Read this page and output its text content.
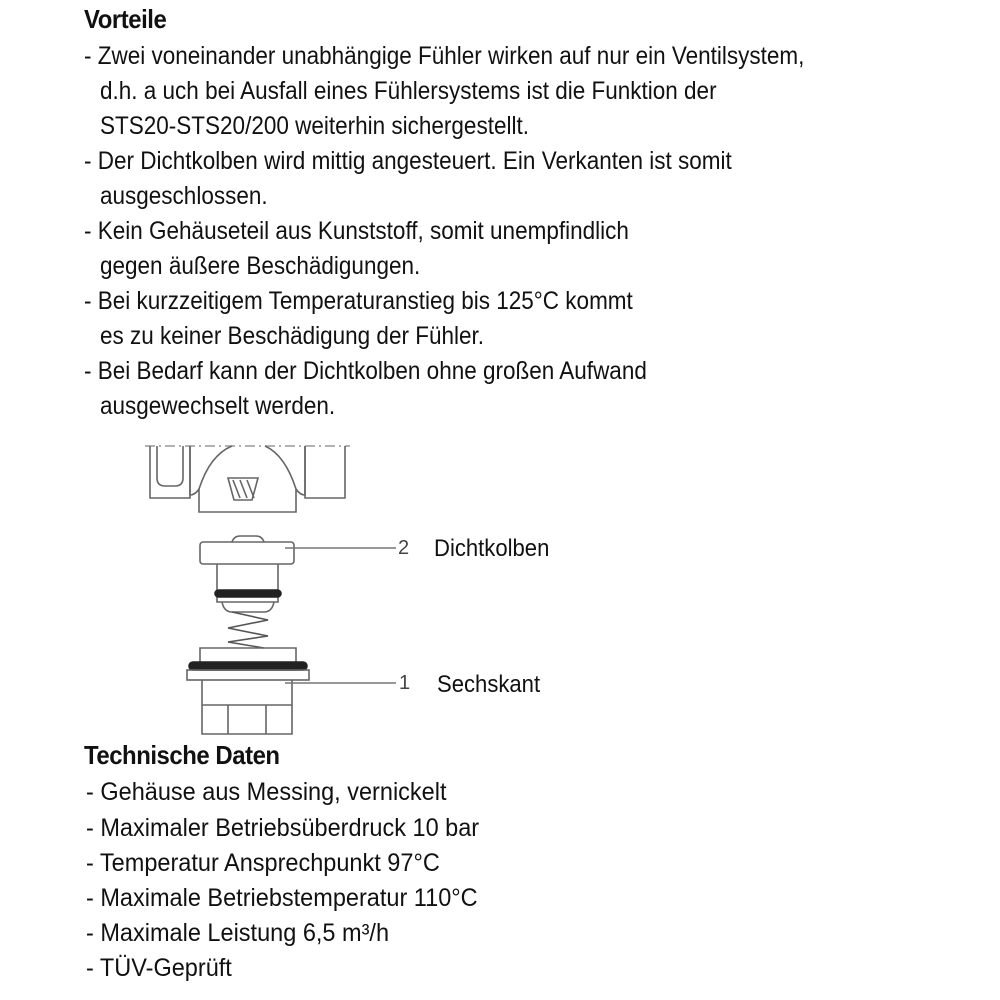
Vorteile

- Zwei voneinander unabhängige Fühler wirken auf nur ein Ventilsystem,

d.h. a uch bei Ausfall eines Fühlersystems ist die Funktion der

STS20-STS20/200 weiterhin sichergestellt.

- Der Dichtkolben wird mittig angesteuert. Ein Verkanten ist somit

ausgeschlossen.

- Kein Gehäuseteil aus Kunststoff, somit unempfindlich

gegen äußere Beschädigungen.

- Bei kurzzeitigem Temperaturanstieg bis 125°C kommt

es zu keiner Beschädigung der Fühler.

- Bei Bedarf kann der Dichtkolben ohne großen Aufwand

ausgewechselt werden.

2 Dichtkolben
1 Sechskant
Technische Daten

- Gehäuse aus Messing, vernickelt

- Maximaler Betriebsüberdruck 10 bar

- Temperatur Ansprechpunkt 97°C

- Maximale Betriebstemperatur 110°C

- Maximale Leistung 6,5 m³/h

- TÜV-Geprüft
